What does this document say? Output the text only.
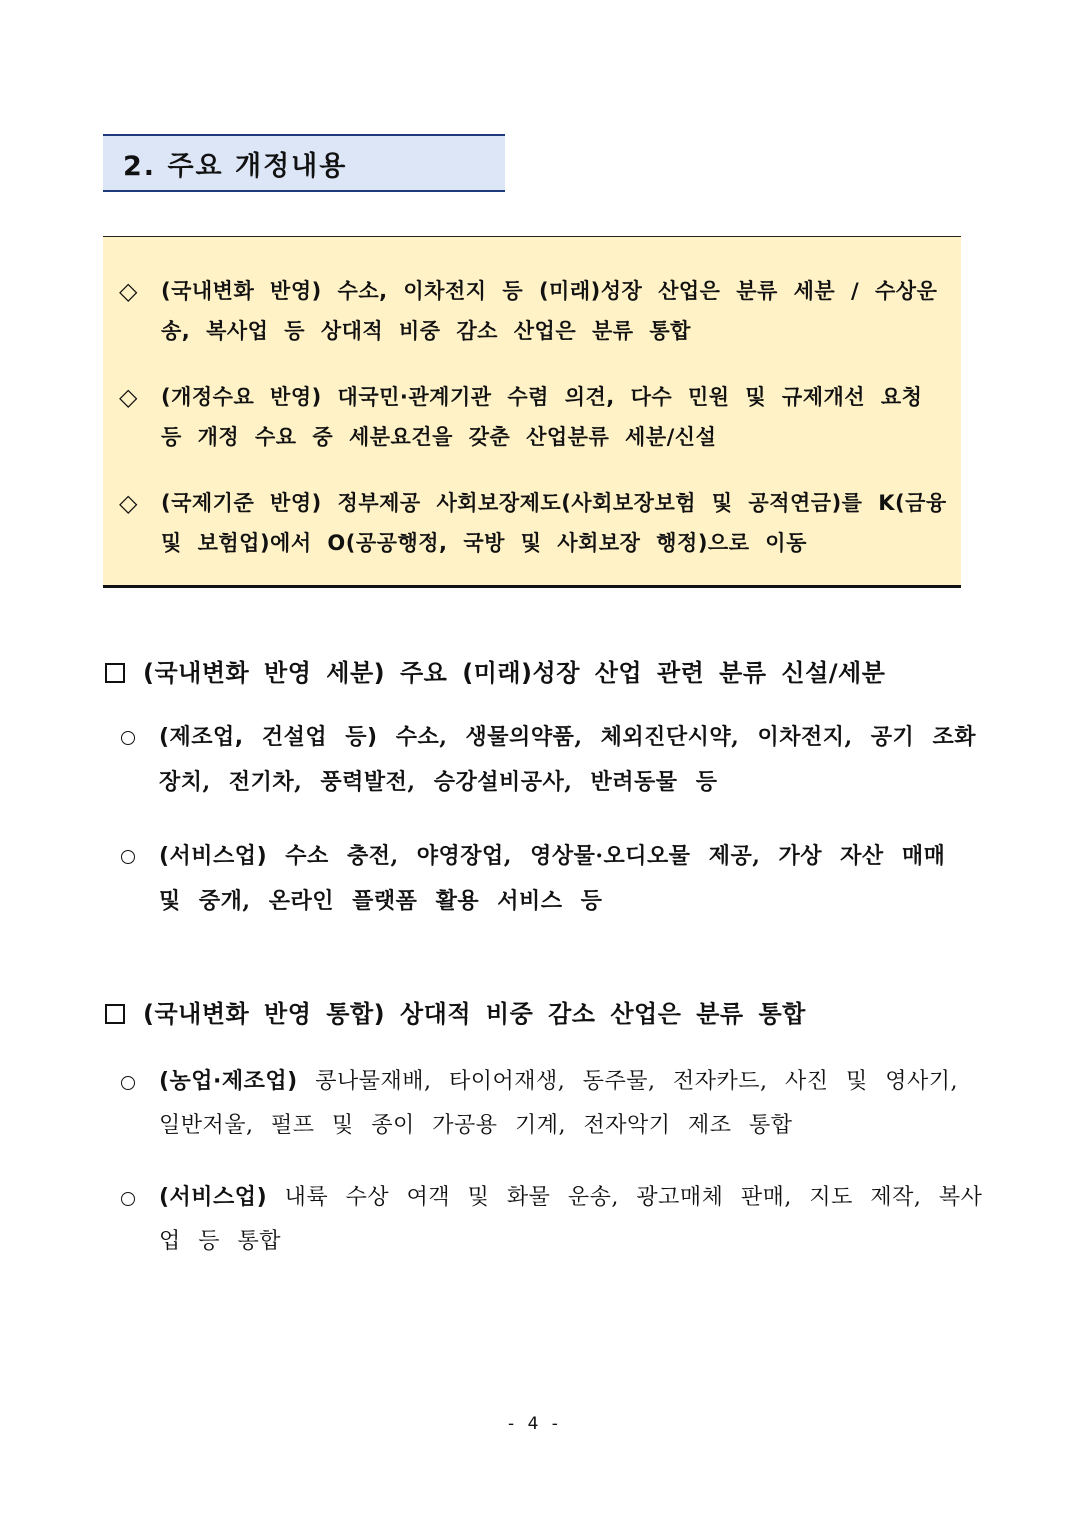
2. 주요 개정내용
◇ (국내변화 반영) 수소, 이차전지 등 (미래)성장 산업은 분류 세분 / 수상운송, 복사업 등 상대적 비중 감소 산업은 분류 통합
◇ (개정수요 반영) 대국민·관계기관 수렴 의견, 다수 민원 및 규제개선 요청 등 개정 수요 중 세분요건을 갖춘 산업분류 세분/신설
◇ (국제기준 반영) 정부제공 사회보장제도(사회보장보험 및 공적연금)를 K(금융 및 보험업)에서 O(공공행정, 국방 및 사회보장 행정)으로 이동
(국내변화 반영 세분) 주요 (미래)성장 산업 관련 분류 신설/세분
(제조업, 건설업 등) 수소, 생물의약품, 체외진단시약, 이차전지, 공기 조화장치, 전기차, 풍력발전, 승강설비공사, 반려동물 등
(서비스업) 수소 충전, 야영장업, 영상물·오디오물 제공, 가상 자산 매매 및 중개, 온라인 플랫폼 활용 서비스 등
(국내변화 반영 통합) 상대적 비중 감소 산업은 분류 통합
(농업·제조업) 콩나물재배, 타이어재생, 동주물, 전자카드, 사진 및 영사기, 일반저울, 펄프 및 종이 가공용 기계, 전자악기 제조 통합
(서비스업) 내륙 수상 여객 및 화물 운송, 광고매체 판매, 지도 제작, 복사업 등 통합
- 4 -
